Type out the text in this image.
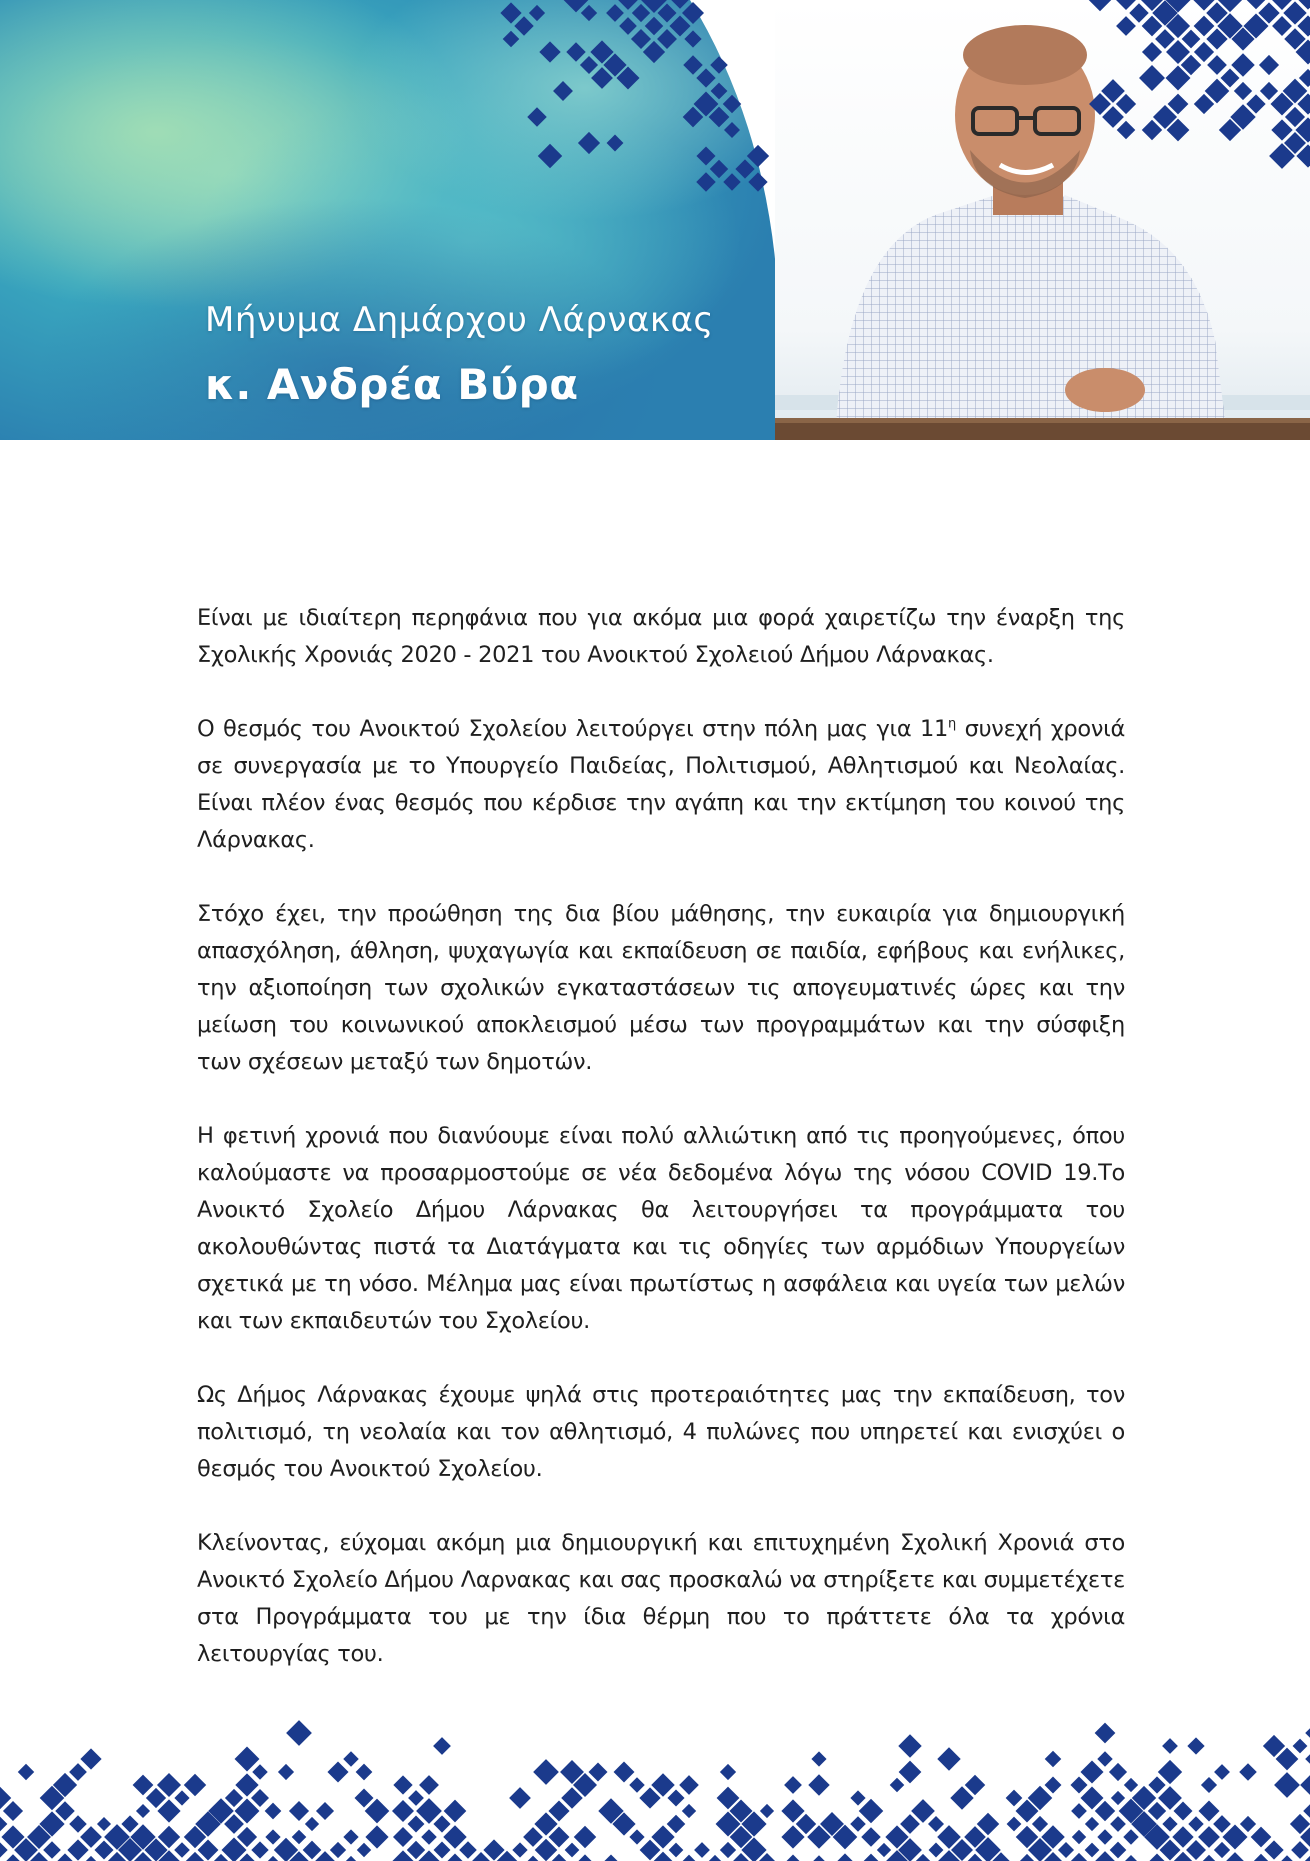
Μήνυμα Δημάρχου Λάρνακας
κ. Ανδρέα Βύρα

Είναι με ιδιαίτερη περηφάνια που για ακόμα μια φορά χαιρετίζω την έναρξη της Σχολικής Χρονιάς 2020 - 2021 του Ανοικτού Σχολειού Δήμου Λάρνακας.

Ο θεσμός του Ανοικτού Σχολείου λειτούργει στην πόλη μας για $11^\eta$ συνεχή χρονιά σε συνεργασία με το Υπουργείο Παιδείας, Πολιτισμού, Αθλητισμού και Νεολαίας. Είναι πλέον ένας θεσμός που κέρδισε την αγάπη και την εκτίμηση του κοινού της Λάρνακας.

Στόχο έχει, την προώθηση της δια βίου μάθησης, την ευκαιρία για δημιουργική απασχόληση, άθληση, ψυχαγωγία και εκπαίδευση σε παιδία, εφήβους και ενήλικες, την αξιοποίηση των σχολικών εγκαταστάσεων τις απογευματινές ώρες και την μείωση του κοινωνικού αποκλεισμού μέσω των προγραμμάτων και την σύσφιξη των σχέσεων μεταξύ των δημοτών.

Η φετινή χρονιά που διανύουμε είναι πολύ αλλιώτικη από τις προηγούμενες, όπου καλούμαστε να προσαρμοστούμε σε νέα δεδομένα λόγω της νόσου COVID 19.Το Ανοικτό Σχολείο Δήμου Λάρνακας θα λειτουργήσει τα προγράμματα του ακολουθώντας πιστά τα Διατάγματα και τις οδηγίες των αρμόδιων Υπουργείων σχετικά με τη νόσο. Μέλημα μας είναι πρωτίστως η ασφάλεια και υγεία των μελών και των εκπαιδευτών του Σχολείου.

Ως Δήμος Λάρνακας έχουμε ψηλά στις προτεραιότητες μας την εκπαίδευση, τον πολιτισμό, τη νεολαία και τον αθλητισμό, 4 πυλώνες που υπηρετεί και ενισχύει ο θεσμός του Ανοικτού Σχολείου.

Κλείνοντας, εύχομαι ακόμη μια δημιουργική και επιτυχημένη Σχολική Χρονιά στο Ανοικτό Σχολείο Δήμου Λαρνακας και σας προσκαλώ να στηρίξετε και συμμετέχετε στα Προγράμματα του με την ίδια θέρμη που το πράττετε όλα τα χρόνια λειτουργίας του.
